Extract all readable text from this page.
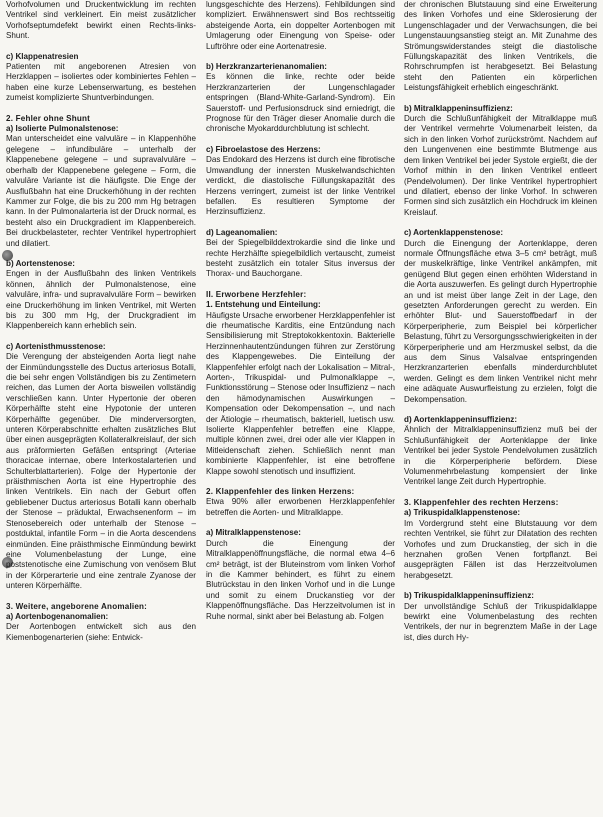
Vorhofvolumen und Druckentwicklung im rechten Ventrikel sind verkleinert. Ein meist zusätzlicher Vorhofseptumdefekt bewirkt einen Rechts-links-Shunt.

c) Klappenatresien

Patienten mit angeborenen Atresien von Herzklappen – isoliertes oder kombiniertes Fehlen – haben eine kurze Lebenserwartung, es bestehen zumeist komplizierte Shuntverbindungen.

2. Fehler ohne Shunt
a) Isolierte Pulmonalstenose:

Man unterscheidet eine valvuläre – in Klappenhöhe gelegene – infundibuläre – unterhalb der Klappenebene gelegene – und supravalvuläre – oberhalb der Klappenebene gelegene – Form, die valvuläre Variante ist die häufigste. Die Enge der Ausflußbahn hat eine Druckerhöhung in der rechten Kammer zur Folge, die bis zu 200 mm Hg betragen kann. In der Pulmonalarteria ist der Druck normal, es besteht also ein Druckgradient im Klappenbereich. Bei druckbelasteter, rechter Ventrikel hypertrophiert und dilatiert.

b) Aortenstenose:

Engen in der Ausflußbahn des linken Ventrikels können, ähnlich der Pulmonalstenose, eine valvuläre, infra- und supravalvuläre Form – bewirken eine Druckerhöhung im linken Ventrikel, mit Werten bis zu 300 mm Hg, der Druckgradient im Klappenbereich kann erheblich sein.

c) Aortenisthmusstenose:

Die Verengung der absteigenden Aorta liegt nahe der Einmündungsstelle des Ductus arteriosus Botalli, die bei sehr engen Vollständigen bis zu Zentimetern reichen, das Lumen der Aorta bisweilen vollständig verschließen kann. Unter Hypertonie der oberen Körperhälfte steht eine Hypotonie der unteren Körperhälfte gegenüber. Die minderversorgten, unteren Körperabschnitte erhalten zusätzliches Blut über einen ausgeprägten Kollateralkreislauf, der sich aus präformierten Gefäßen entspringt (Arteriae thoracicae internae, obere Interkostalarterien und Schulterblattarterien). Folge der Hypertonie der präisthmischen Aorta ist eine Hypertrophie des linken Ventrikels. Ein nach der Geburt offen gebliebener Ductus arteriosus Botalli kann oberhalb der Stenose – präduktal, Erwachsenenform – im Stenosebereich oder unterhalb der Stenose – postduktal, infantile Form – in die Aorta descendens einmünden. Eine präisthmische Einmündung bewirkt eine Volumenbelastung der Lunge, eine poststenotische eine Zumischung von venösem Blut in der Körperarterie und eine zentrale Zyanose der unteren Körperhälfte.

3. Weitere, angeborene Anomalien:
a) Aortenbogenanomalien:

Der Aortenbogen entwickelt sich aus den Kiemenbogenarterien (siehe: Entwick-

lungsgeschichte des Herzens). Fehlbildungen sind kompliziert. Erwähnenswert sind Bos rechtsseitig absteigende Aorta, ein doppelter Aortenbogen mit Umlagerung oder Einengung von Speise- oder Luftröhre oder eine Aortenatresie.

b) Herzkranzarterienanomalien:

Es können die linke, rechte oder beide Herzkranzarterien der Lungenschlagader entspringen (Bland-White-Garland-Syndrom). Ein Sauerstoff- und Perfusionsdruck sind erniedrigt, die Prognose für den Träger dieser Anomalie durch die chronische Myokarddurchblutung ist schlecht.

c) Fibroelastose des Herzens:

Das Endokard des Herzens ist durch eine fibrotische Umwandlung der innersten Muskelwandschichten verdickt, die diastolische Füllungskapazität des Herzens verringert, zumeist ist der linke Ventrikel befallen. Es resultieren Symptome der Herzinsuffizienz.

d) Lageanomalien:

Bei der Spiegelbilddextrokardie sind die linke und rechte Herzhälfte spiegelbildlich vertauscht, zumeist besteht zusätzlich ein totaler Situs inversus der Thorax- und Bauchorgane.

II. Erworbene Herzfehler:
1. Entstehung und Einteilung:

Häufigste Ursache erworbener Herzklappenfehler ist die rheumatische Karditis, eine Entzündung nach Sensibilisierung mit Streptokokkentoxin. Bakterielle Herzinnenhautentzündungen führen zur Zerstörung des Klappengewebes. Die Einteilung der Klappenfehler erfolgt nach der Lokalisation – Mitral-, Aorten-, Trikuspidal- und Pulmonalklappe –, Funktionsstörung – Stenose oder Insuffizienz – nach den hämodynamischen Auswirkungen – Kompensation oder Dekompensation –, und nach der Ätiologie – rheumatisch, bakteriell, luetisch usw. Isolierte Klappenfehler betreffen eine Klappe, multiple können zwei, drei oder alle vier Klappen in Mitleidenschaft ziehen. Schließlich nennt man kombinierte Klappenfehler, ist eine betroffene Klappe sowohl stenotisch und insuffizient.

2. Klappenfehler des linken Herzens:

Etwa 90% aller erworbenen Herzklappenfehler betreffen die Aorten- und Mitralklappe.

a) Mitralklappenstenose:

Durch die Einengung der Mitralklappenöffnungsfläche, die normal etwa 4–6 cm² beträgt, ist der Bluteinstrom vom linken Vorhof in die Kammer behindert, es führt zu einem Blutrückstau in den linken Vorhof und in die Lunge und somit zu einem Druckanstieg vor der Klappenöffnungsfläche. Das Herzzeitvolumen ist in Ruhe normal, sinkt aber bei Belastung ab. Folgen

der chronischen Blutstauung sind eine Erweiterung des linken Vorhofes und eine Sklerosierung der Lungenschlagader und der Verwachsungen, die bei Lungenstauungsanstieg steigt an. Mit Zunahme des Strömungswiderstandes steigt die diastolische Füllungskapazität des linken Ventrikels, die Rohrschrumpfen ist herabgesetzt. Bei Belastung steht den Patienten ein körperlichen Leistungsfähigkeit erheblich eingeschränkt.

b) Mitralklappeninsuffizienz:

Durch die Schlußunfähigkeit der Mitralklappe muß der Ventrikel vermehrte Volumenarbeit leisten, da sich in den linken Vorhof zurückströmt. Nachdem auf den Lungenvenen eine bestimmte Blutmenge aus dem linken Ventrikel bei jeder Systole ergießt, die der Vorhof mithin in den linken Ventrikel entleert (Pendelvolumen). Der linke Ventrikel hypertrophiert und dilatiert, ebenso der linke Vorhof. In schweren Formen sind sich zusätzlich ein Hochdruck im kleinen Kreislauf.

c) Aortenklappenstenose:

Durch die Einengung der Aortenklappe, deren normale Öffnungsfläche etwa 3–5 cm² beträgt, muß der muskelkräftige, linke Ventrikel ankämpfen, mit genügend Blut gegen einen erhöhten Widerstand in die Aorta auszuwerfen. Es gelingt durch Hypertrophie an und ist meist über lange Zeit in der Lage, den gesetzten Anforderungen gerecht zu werden. Ein erhöhter Blut- und Sauerstoffbedarf in der Körperperipherie, zum Beispiel bei körperlicher Belastung, führt zu Versorgungsschwierigkeiten in der Körperperipherie und am Herzmuskel selbst, da die aus dem Sinus Valsalvae entspringenden Herzkranzarterien ebenfalls minderdurchblutet werden. Gelingt es dem linken Ventrikel nicht mehr eine adäquate Auswurfleistung zu erzielen, folgt die Dekompensation.

d) Aortenklappeninsuffizienz:

Ähnlich der Mitralklappeninsuffizienz muß bei der Schlußunfähigkeit der Aortenklappe der linke Ventrikel bei jeder Systole Pendelvolumen zusätzlich in die Körperperipherie befördern. Diese Volumenmehrbelastung kompensiert der linke Ventrikel lange Zeit durch Hypertrophie.

3. Klappenfehler des rechten Herzens:
a) Trikuspidalklappenstenose:

Im Vordergrund steht eine Blutstauung vor dem rechten Ventrikel, sie führt zur Dilatation des rechten Vorhofes und zum Druckanstieg, der sich in die herznahen großen Venen fortpflanzt. Bei ausgeprägten Fällen ist das Herzzeitvolumen herabgesetzt.

b) Trikuspidalklappeninsuffizienz:

Der unvollständige Schluß der Trikuspidalklappe bewirkt eine Volumenbelastung des rechten Ventrikels, der nur in begrenztem Maße in der Lage ist, dies durch Hy-
